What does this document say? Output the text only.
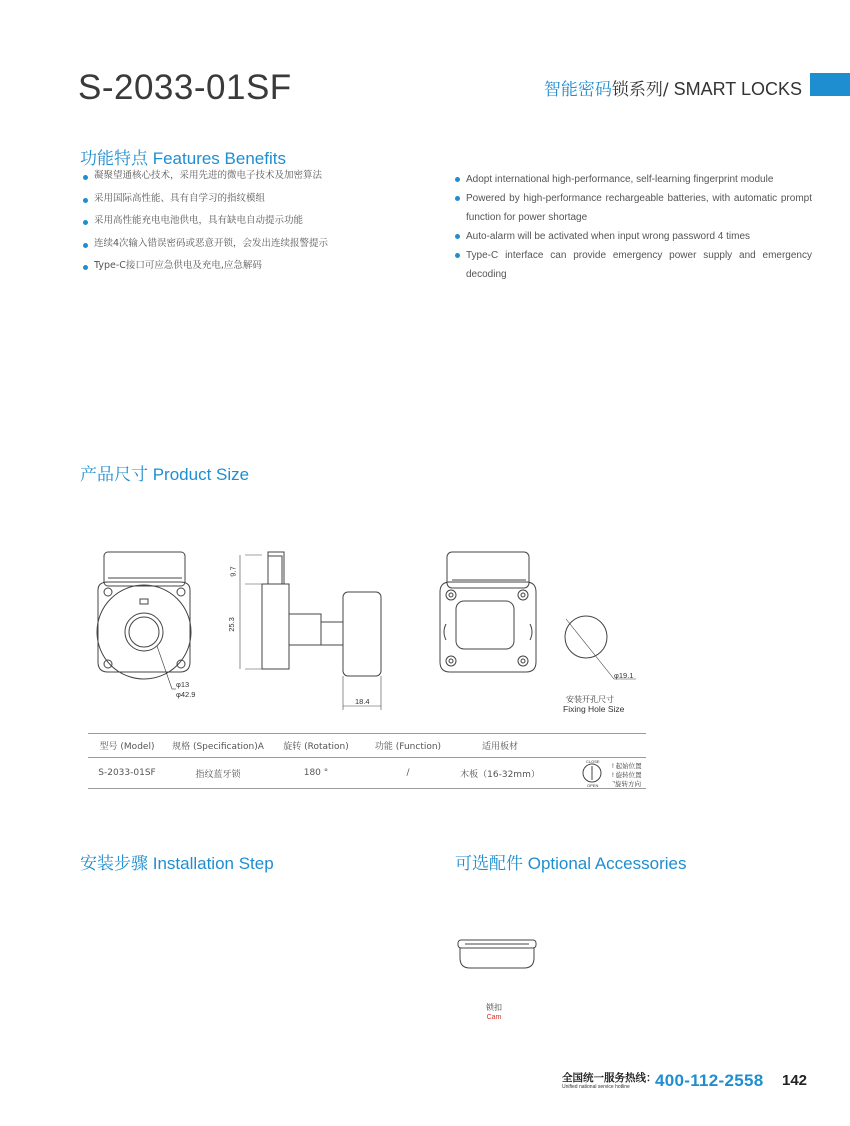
S-2033-01SF	智能密码锁系列/ SMART LOCKS
功能特点 Features Benefits
凝聚望通核心技术，采用先进的微电子技术及加密算法
采用国际高性能、具有自学习的指纹模组
采用高性能充电电池供电，具有缺电自动提示功能
连续4次输入错误密码或恶意开锁，会发出连续报警提示
Type-C接口可应急供电及充电,应急解码
Adopt international high-performance, self-learning fingerprint module
Powered by high-performance rechargeable batteries, with automatic prompt function for power shortage
Auto-alarm will be activated when input wrong password 4 times
Type-C interface can provide emergency power supply and emergency decoding
产品尺寸 Product Size
φ13
φ42.9
9.7
25.3
18.4
φ19.1
安装开孔尺寸
Fixing Hole Size
型号 (Model)	规格 (Specification)A	旋转 (Rotation)	功能 (Function)	适用板材	
S-2033-01SF	指纹蓝牙锁	180 °	/	木板（16-32mm）	
CLOSE
OPEN
! 起始位置
! 旋转位置
⌝旋转方向
安装步骤 Installation Step	可选配件 Optional Accessories
锁扣
Cam
全国统一服务热线：
Unified national service hotline	400-112-2558 142
